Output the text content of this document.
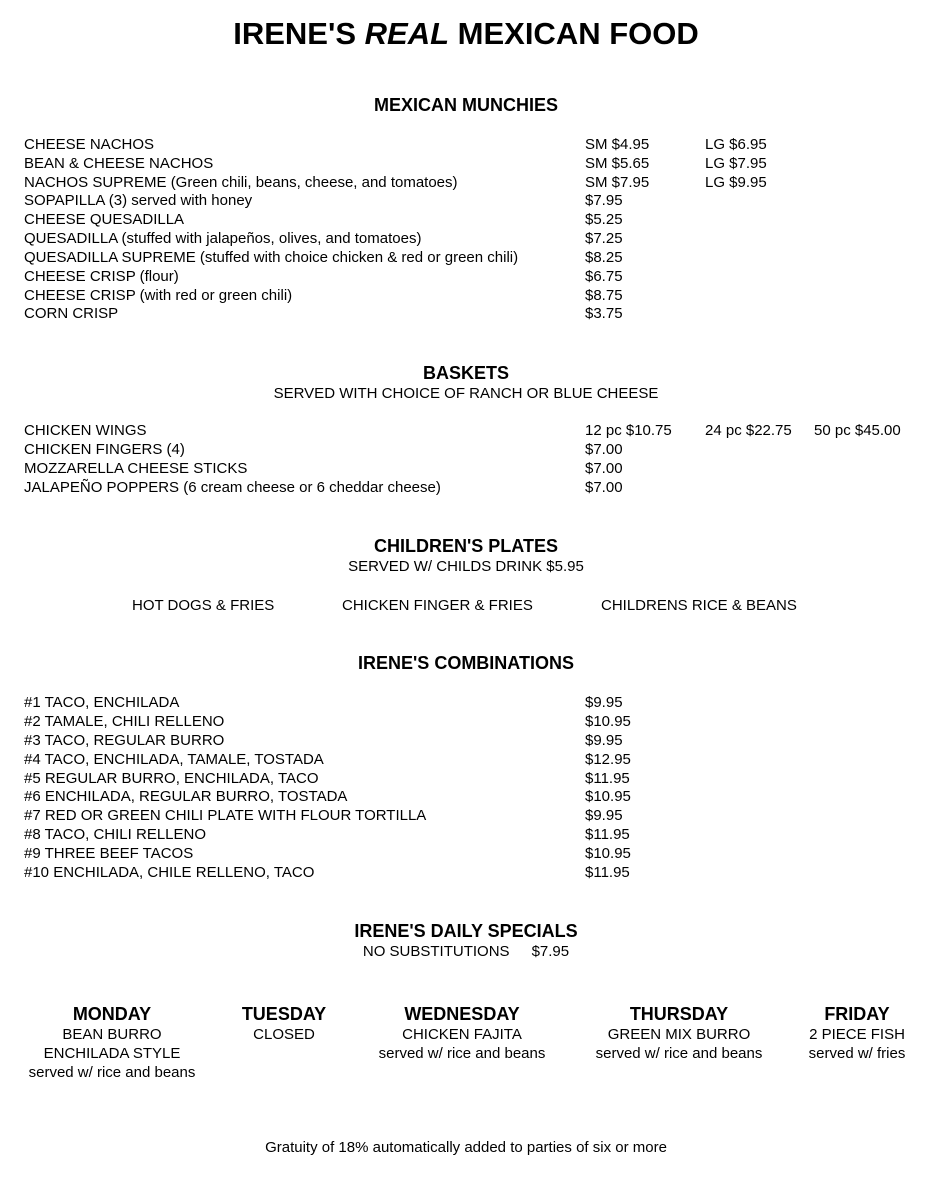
IRENE'S REAL MEXICAN FOOD
MEXICAN MUNCHIES
CHEESE NACHOS	SM $4.95	LG $6.95
BEAN & CHEESE NACHOS	SM $5.65	LG $7.95
NACHOS SUPREME (Green chili, beans, cheese, and tomatoes)	SM $7.95	LG $9.95
SOPAPILLA (3) served with honey	$7.95
CHEESE QUESADILLA	$5.25
QUESADILLA (stuffed with jalapeños, olives, and tomatoes)	$7.25
QUESADILLA SUPREME (stuffed with choice chicken & red or green chili)	$8.25
CHEESE CRISP (flour)	$6.75
CHEESE CRISP (with red or green chili)	$8.75
CORN CRISP	$3.75
BASKETS
SERVED WITH CHOICE OF RANCH OR BLUE CHEESE
CHICKEN WINGS	12 pc $10.75 24 pc $22.75 50 pc $45.00
CHICKEN FINGERS (4)	$7.00
MOZZARELLA CHEESE STICKS	$7.00
JALAPEÑO POPPERS (6 cream cheese or 6 cheddar cheese)	$7.00
CHILDREN'S PLATES
SERVED W/ CHILDS DRINK $5.95
HOT DOGS & FRIES	CHICKEN FINGER & FRIES	CHILDRENS RICE & BEANS
IRENE'S COMBINATIONS
#1 TACO, ENCHILADA	$9.95
#2 TAMALE, CHILI RELLENO	$10.95
#3 TACO, REGULAR BURRO	$9.95
#4 TACO, ENCHILADA, TAMALE, TOSTADA	$12.95
#5 REGULAR BURRO, ENCHILADA, TACO	$11.95
#6 ENCHILADA, REGULAR BURRO, TOSTADA	$10.95
#7 RED OR GREEN CHILI PLATE WITH FLOUR TORTILLA	$9.95
#8 TACO, CHILI RELLENO	$11.95
#9 THREE BEEF TACOS	$10.95
#10 ENCHILADA, CHILE RELLENO, TACO	$11.95
IRENE'S DAILY SPECIALS
NO SUBSTITUTIONS $7.95
MONDAY
BEAN BURRO
ENCHILADA STYLE
served w/ rice and beans
TUESDAY
CLOSED
WEDNESDAY
CHICKEN FAJITA
served w/ rice and beans
THURSDAY
GREEN MIX BURRO
served w/ rice and beans
FRIDAY
2 PIECE FISH
served w/ fries
Gratuity of 18% automatically added to parties of six or more
